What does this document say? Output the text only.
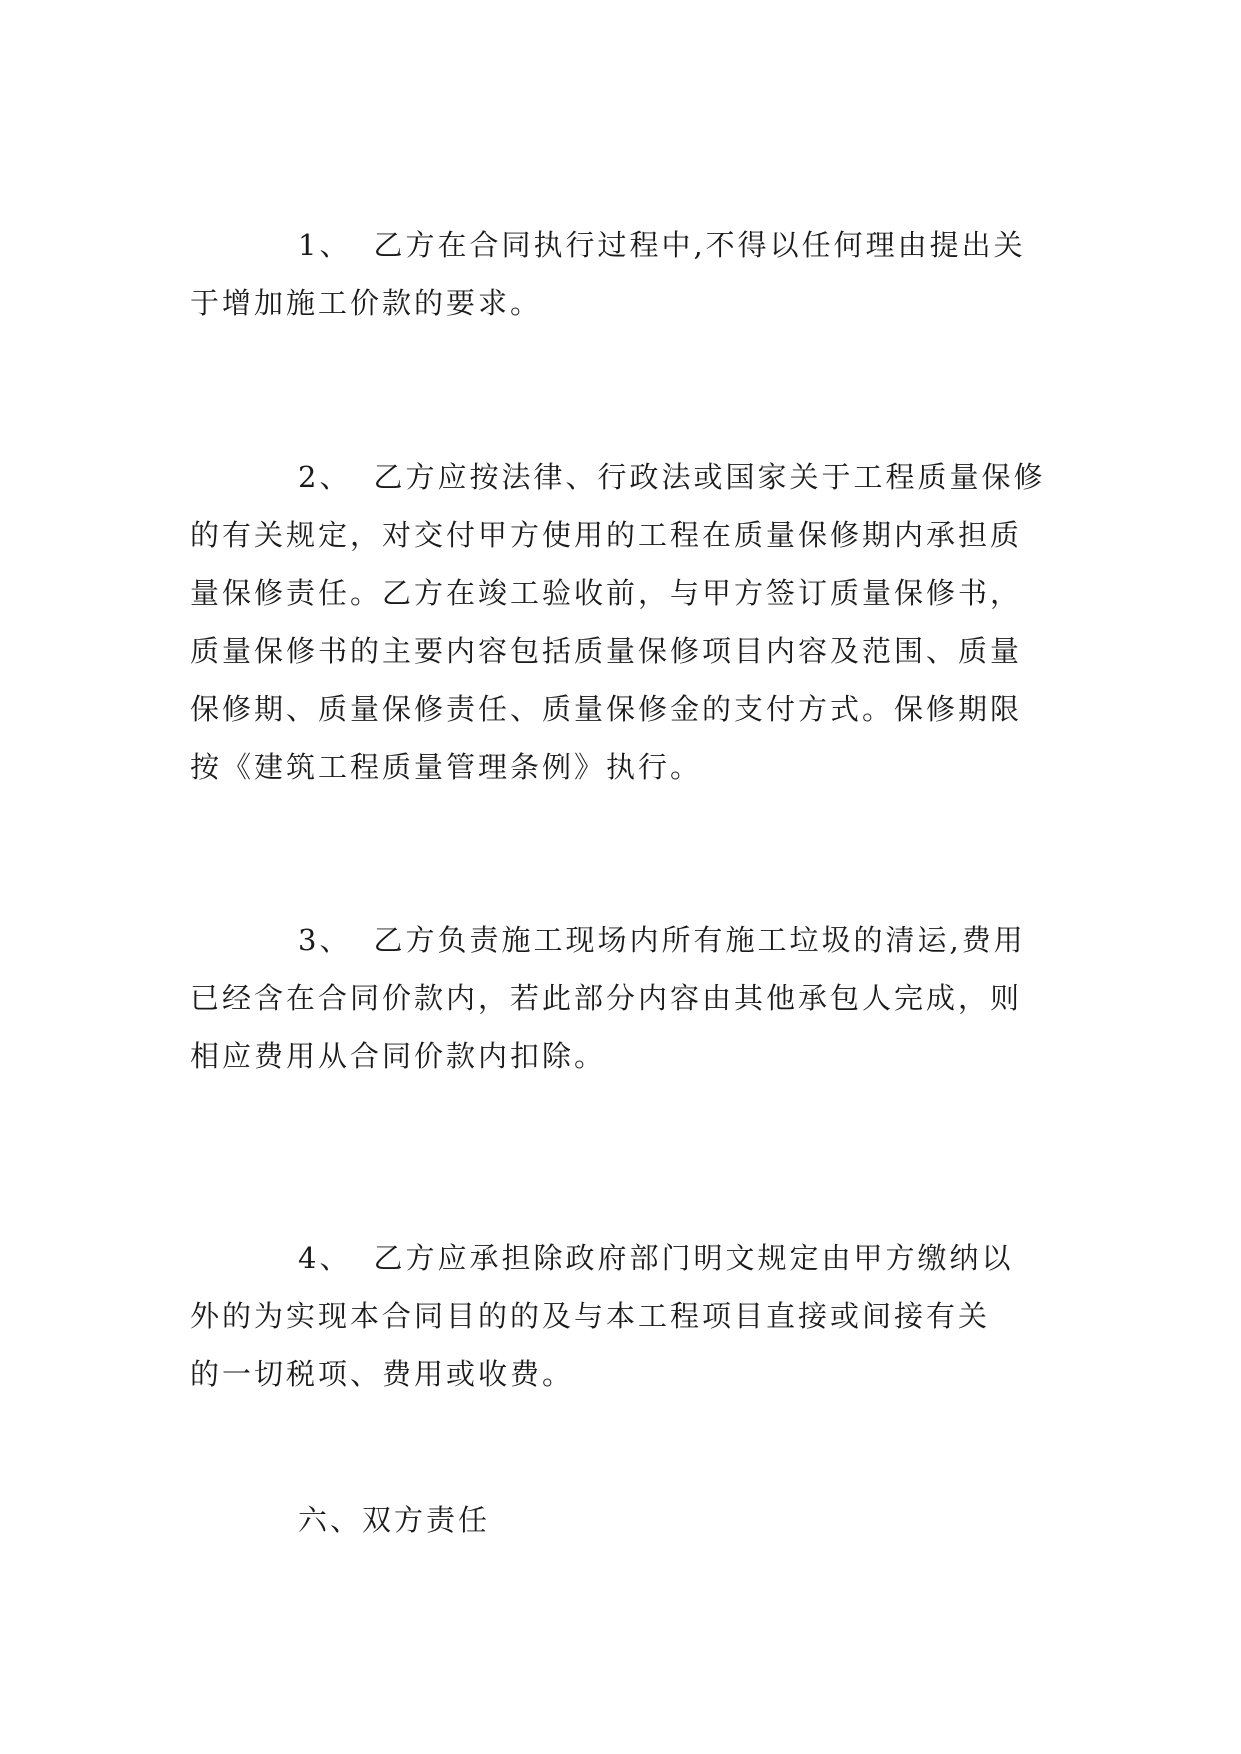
1、 乙方在合同执行过程中,不得以任何理由提出关
于增加施工价款的要求。
2、 乙方应按法律、行政法或国家关于工程质量保修
的有关规定，对交付甲方使用的工程在质量保修期内承担质
量保修责任。乙方在竣工验收前，与甲方签订质量保修书，
质量保修书的主要内容包括质量保修项目内容及范围、质量
保修期、质量保修责任、质量保修金的支付方式。保修期限
按《建筑工程质量管理条例》执行。
3、 乙方负责施工现场内所有施工垃圾的清运,费用
已经含在合同价款内，若此部分内容由其他承包人完成，则
相应费用从合同价款内扣除。
4、 乙方应承担除政府部门明文规定由甲方缴纳以
外的为实现本合同目的的及与本工程项目直接或间接有关
的一切税项、费用或收费。
六、双方责任
